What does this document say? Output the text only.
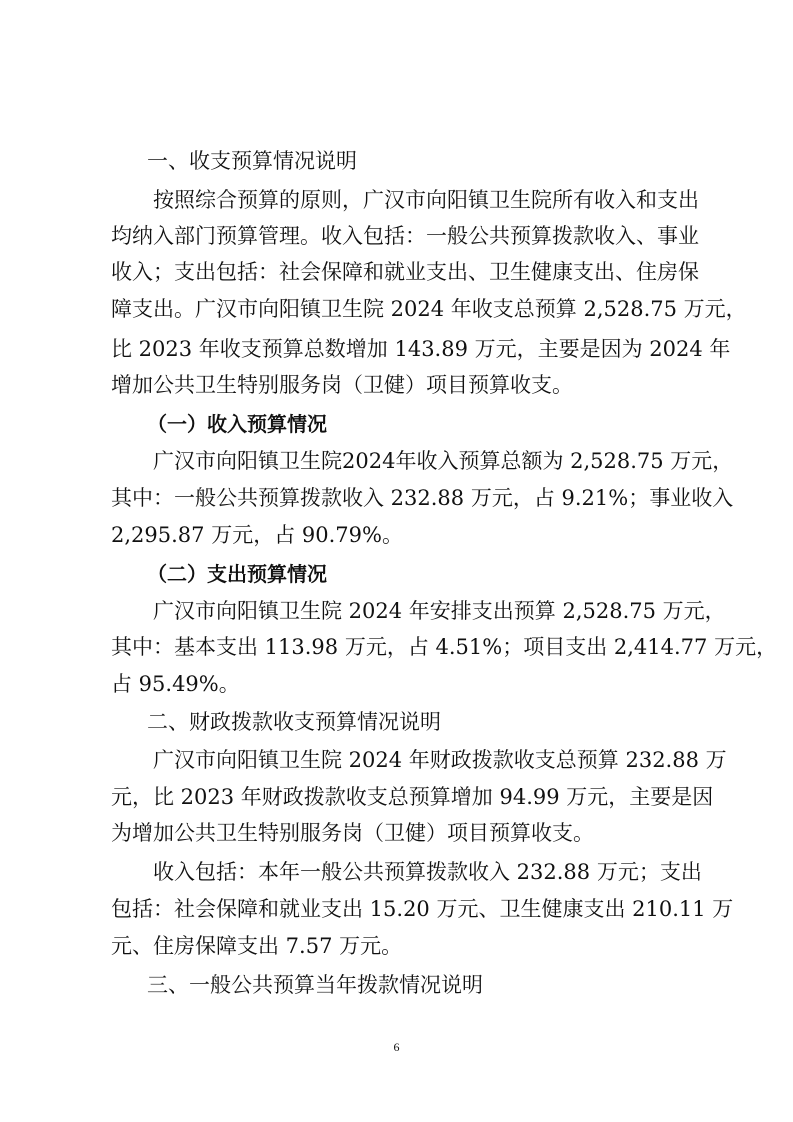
一、收支预算情况说明
按照综合预算的原则，广汉市向阳镇卫生院所有收入和支出
均纳入部门预算管理。收入包括：一般公共预算拨款收入、事业
收入；支出包括：社会保障和就业支出、卫生健康支出、住房保
障支出。广汉市向阳镇卫生院 2024 年收支总预算 2,528.75 万元，
比 2023 年收支预算总数增加 143.89 万元，主要是因为 2024 年
增加公共卫生特别服务岗（卫健）项目预算收支。
（一）收入预算情况
广汉市向阳镇卫生院2024年收入预算总额为 2,528.75 万元，
其中：一般公共预算拨款收入 232.88 万元，占 9.21%；事业收入
2,295.87 万元，占 90.79%。
（二）支出预算情况
广汉市向阳镇卫生院 2024 年安排支出预算 2,528.75 万元，
其中：基本支出 113.98 万元，占 4.51%；项目支出 2,414.77 万元，
占 95.49%。
二、财政拨款收支预算情况说明
广汉市向阳镇卫生院 2024 年财政拨款收支总预算 232.88 万
元，比 2023 年财政拨款收支总预算增加 94.99 万元，主要是因
为增加公共卫生特别服务岗（卫健）项目预算收支。
收入包括：本年一般公共预算拨款收入 232.88 万元；支出
包括：社会保障和就业支出 15.20 万元、卫生健康支出 210.11 万
元、住房保障支出 7.57 万元。
三、一般公共预算当年拨款情况说明
6
